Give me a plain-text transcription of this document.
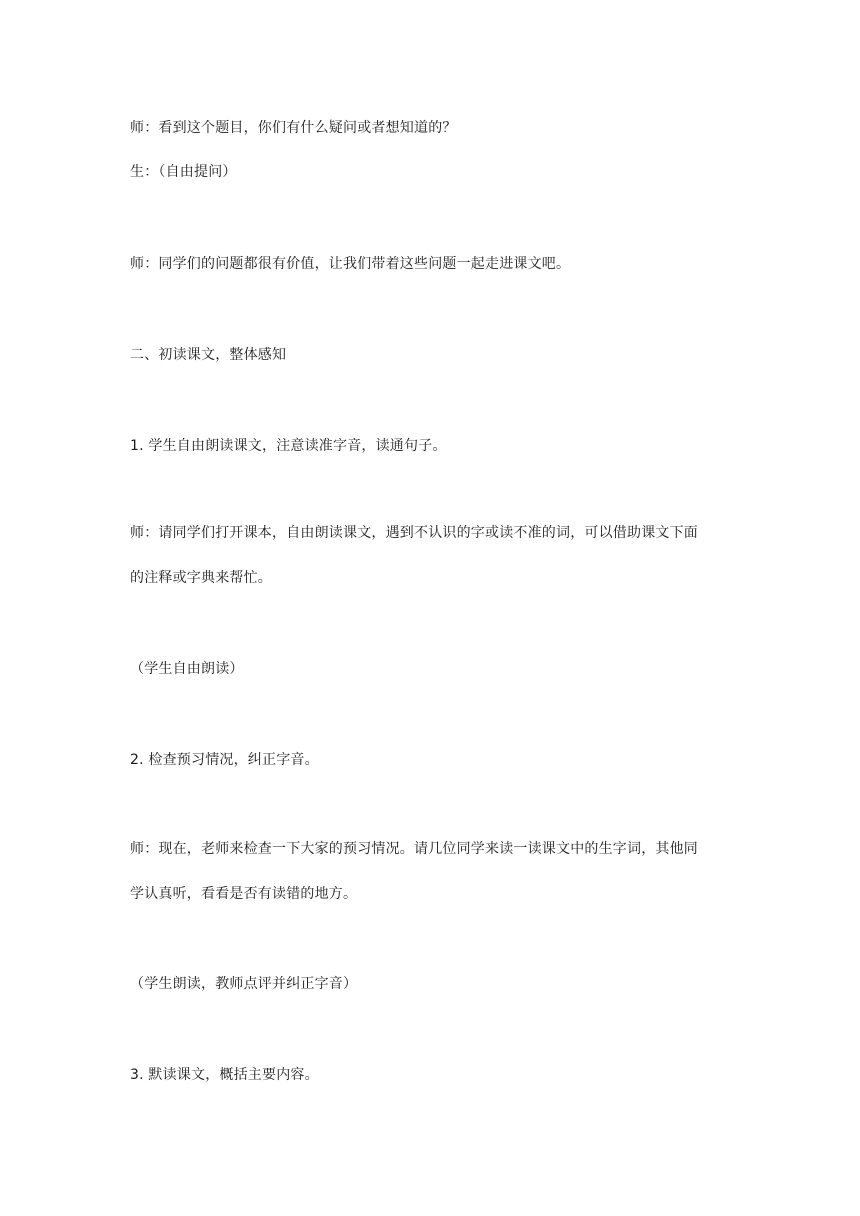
师：看到这个题目，你们有什么疑问或者想知道的？
生：（自由提问）
师：同学们的问题都很有价值，让我们带着这些问题一起走进课文吧。
二、初读课文，整体感知
1. 学生自由朗读课文，注意读准字音，读通句子。
师：请同学们打开课本，自由朗读课文，遇到不认识的字或读不准的词，可以借助课文下面
的注释或字典来帮忙。
（学生自由朗读）
2. 检查预习情况，纠正字音。
师：现在，老师来检查一下大家的预习情况。请几位同学来读一读课文中的生字词，其他同
学认真听，看看是否有读错的地方。
（学生朗读，教师点评并纠正字音）
3. 默读课文，概括主要内容。
